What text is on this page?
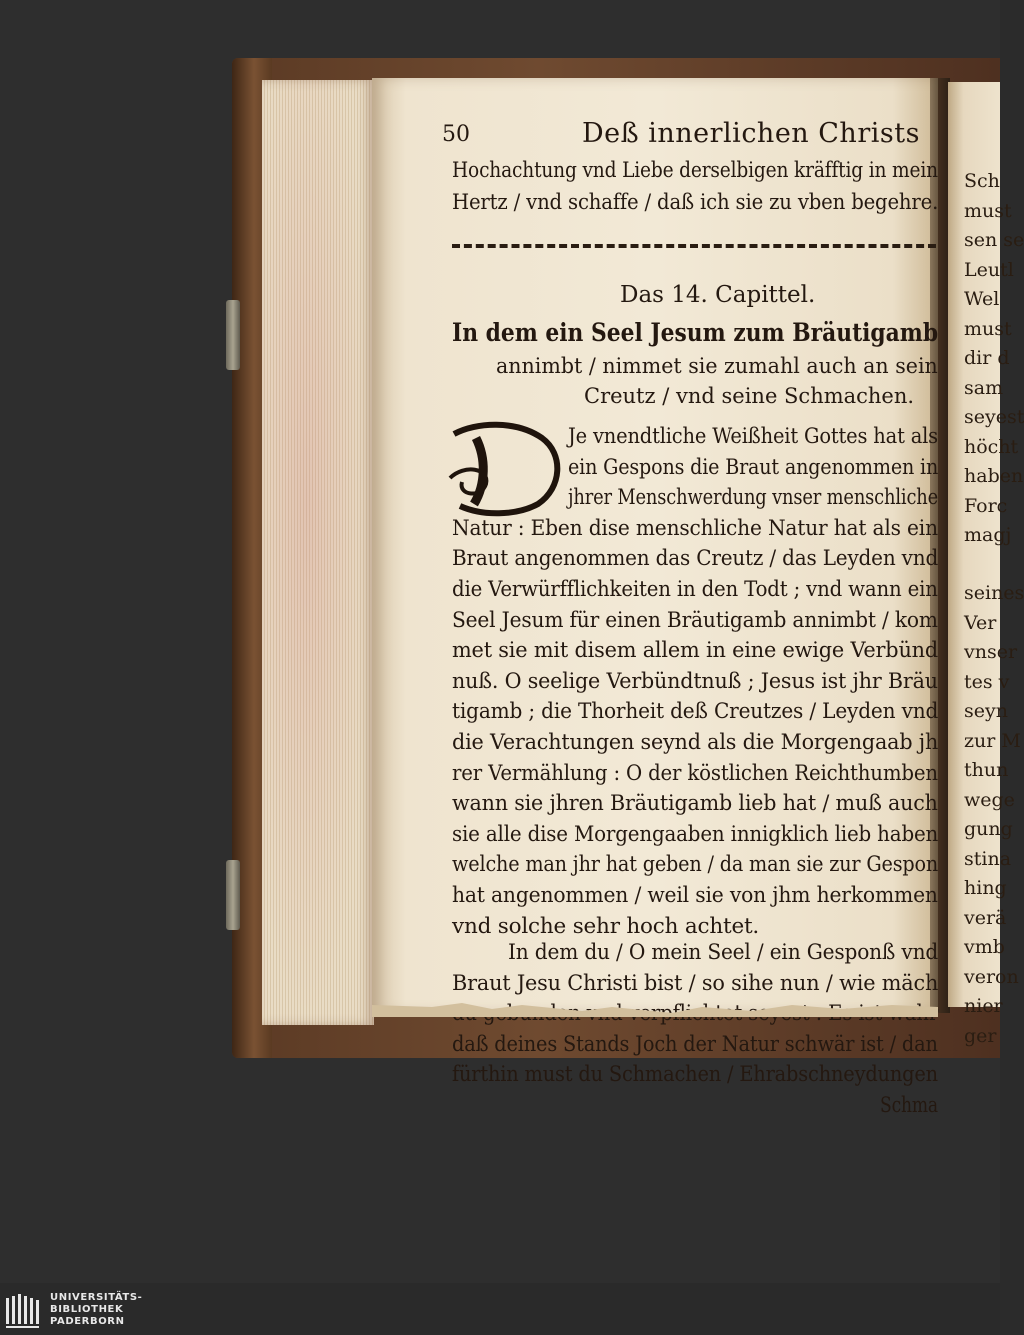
Sch
must
sen se
Leutl
Wel
must
dir d
sam
seyest
höcht
haben
Forc
magj
seines
Ver
vnser
tes v
seyn
zur M
thun
wege
gung
stina
hing
verä
vmb
veron
nier
ger
50	Deß innerlichen Christs
Hochachtung vnd Liebe derselbigen kräfftig in mein
Hertz / vnd schaffe / daß ich sie zu vben begehre.
Das 14. Capittel.
In dem ein Seel Jesum zum Bräutigamb
annimbt / nimmet sie zumahl auch an sein
Creutz / vnd seine Schmachen.
Je vnendtliche Weißheit Gottes hat als
ein Gespons die Braut angenommen in
jhrer Menschwerdung vnser menschliche
Natur : Eben dise menschliche Natur hat als ein
Braut angenommen das Creutz / das Leyden vnd
die Verwürfflichkeiten in den Todt ; vnd wann ein
Seel Jesum für einen Bräutigamb annimbt / kom
met sie mit disem allem in eine ewige Verbünd
nuß. O seelige Verbündtnuß ; Jesus ist jhr Bräu
tigamb ; die Thorheit deß Creutzes / Leyden vnd
die Verachtungen seynd als die Morgengaab jh
rer Vermählung : O der köstlichen Reichthumben
wann sie jhren Bräutigamb lieb hat / muß auch
sie alle dise Morgengaaben innigklich lieb haben
welche man jhr hat geben / da man sie zur Gespon
hat angenommen / weil sie von jhm herkommen
vnd solche sehr hoch achtet.
In dem du / O mein Seel / ein Gesponß vnd
Braut Jesu Christi bist / so sihe nun / wie mäch
daß deines Stands Joch der Natur schwär ist / dan
fürthin must du Schmachen / Ehrabschneydungen
Schma
UNIVERSITÄTS-
BIBLIOTHEK
PADERBORN
